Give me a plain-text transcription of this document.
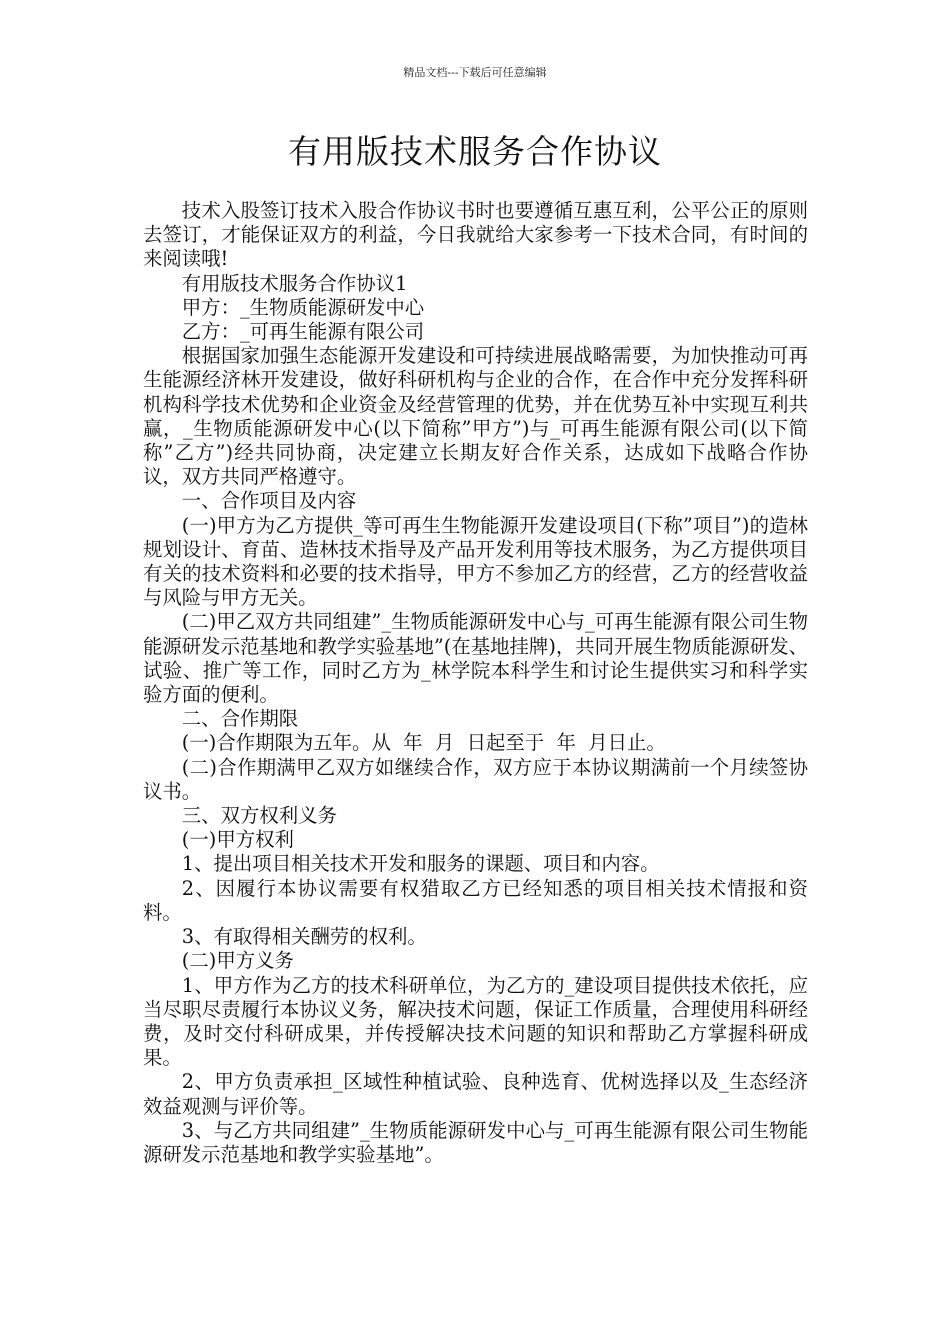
精品文档---下载后可任意编辑
有用版技术服务合作协议

技术入股签订技术入股合作协议书时也要遵循互惠互利，公平公正的原则去签订，才能保证双方的利益，今日我就给大家参考一下技术合同，有时间的来阅读哦!

有用版技术服务合作协议1

甲方：_生物质能源研发中心

乙方：_可再生能源有限公司

根据国家加强生态能源开发建设和可持续进展战略需要，为加快推动可再生能源经济林开发建设，做好科研机构与企业的合作，在合作中充分发挥科研机构科学技术优势和企业资金及经营管理的优势，并在优势互补中实现互利共赢，_生物质能源研发中心(以下简称”甲方”)与_可再生能源有限公司(以下简称”乙方”)经共同协商，决定建立长期友好合作关系，达成如下战略合作协议，双方共同严格遵守。

一、合作项目及内容

(一)甲方为乙方提供_等可再生生物能源开发建设项目(下称”项目”)的造林规划设计、育苗、造林技术指导及产品开发利用等技术服务，为乙方提供项目有关的技术资料和必要的技术指导，甲方不参加乙方的经营，乙方的经营收益与风险与甲方无关。

(二)甲乙双方共同组建”_生物质能源研发中心与_可再生能源有限公司生物能源研发示范基地和教学实验基地”(在基地挂牌)，共同开展生物质能源研发、试验、推广等工作，同时乙方为_林学院本科学生和讨论生提供实习和科学实验方面的便利。

二、合作期限

(一)合作期限为五年。从  年  月  日起至于  年  月日止。

(二)合作期满甲乙双方如继续合作，双方应于本协议期满前一个月续签协议书。

三、双方权利义务

(一)甲方权利

1、提出项目相关技术开发和服务的课题、项目和内容。

2、因履行本协议需要有权猎取乙方已经知悉的项目相关技术情报和资料。

3、有取得相关酬劳的权利。

(二)甲方义务

1、甲方作为乙方的技术科研单位，为乙方的_建设项目提供技术依托，应当尽职尽责履行本协议义务，解决技术问题，保证工作质量，合理使用科研经费，及时交付科研成果，并传授解决技术问题的知识和帮助乙方掌握科研成果。

2、甲方负责承担_区域性种植试验、良种选育、优树选择以及_生态经济效益观测与评价等。

3、与乙方共同组建”_生物质能源研发中心与_可再生能源有限公司生物能源研发示范基地和教学实验基地”。
